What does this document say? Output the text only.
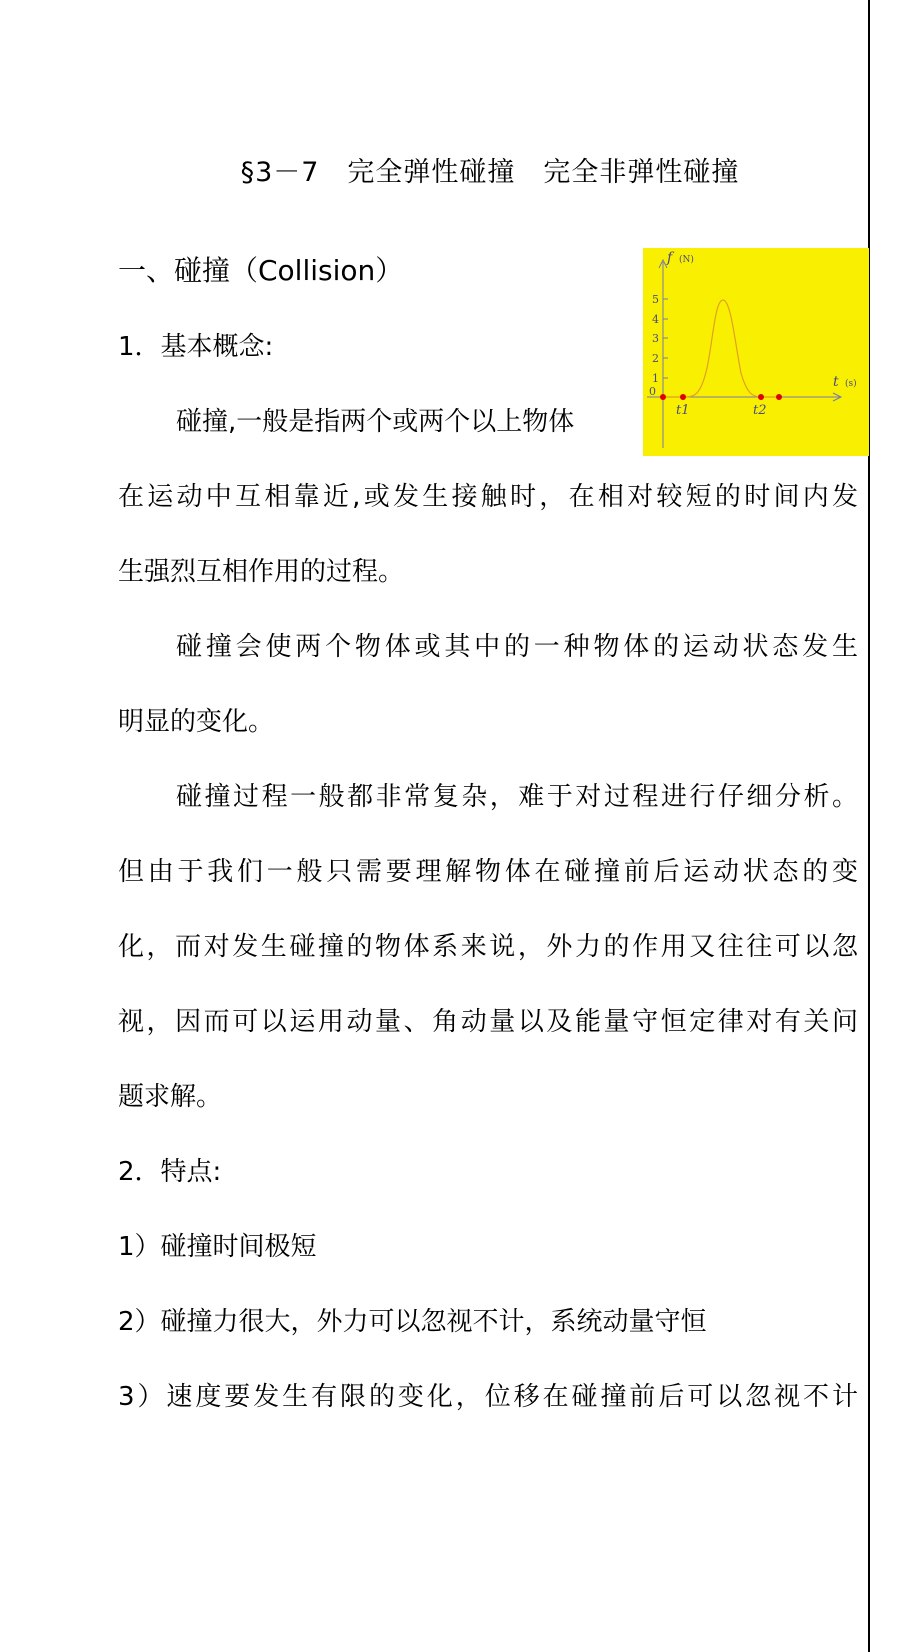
§3－7　完全弹性碰撞　完全非弹性碰撞

一、碰撞（Collision）

1．基本概念:

碰撞,一般是指两个或两个以上物体

在运动中互相靠近,或发生接触时，在相对较短的时间内发

生强烈互相作用的过程。

碰撞会使两个物体或其中的一种物体的运动状态发生

明显的变化。

碰撞过程一般都非常复杂，难于对过程进行仔细分析。

但由于我们一般只需要理解物体在碰撞前后运动状态的变

化，而对发生碰撞的物体系来说，外力的作用又往往可以忽

视，因而可以运用动量、角动量以及能量守恒定律对有关问

题求解。

2．特点:

1）碰撞时间极短

2）碰撞力很大，外力可以忽视不计，系统动量守恒

3）速度要发生有限的变化，位移在碰撞前后可以忽视不计

1
2
3
4
5
0
f (N)
t (s)
t1	t2
